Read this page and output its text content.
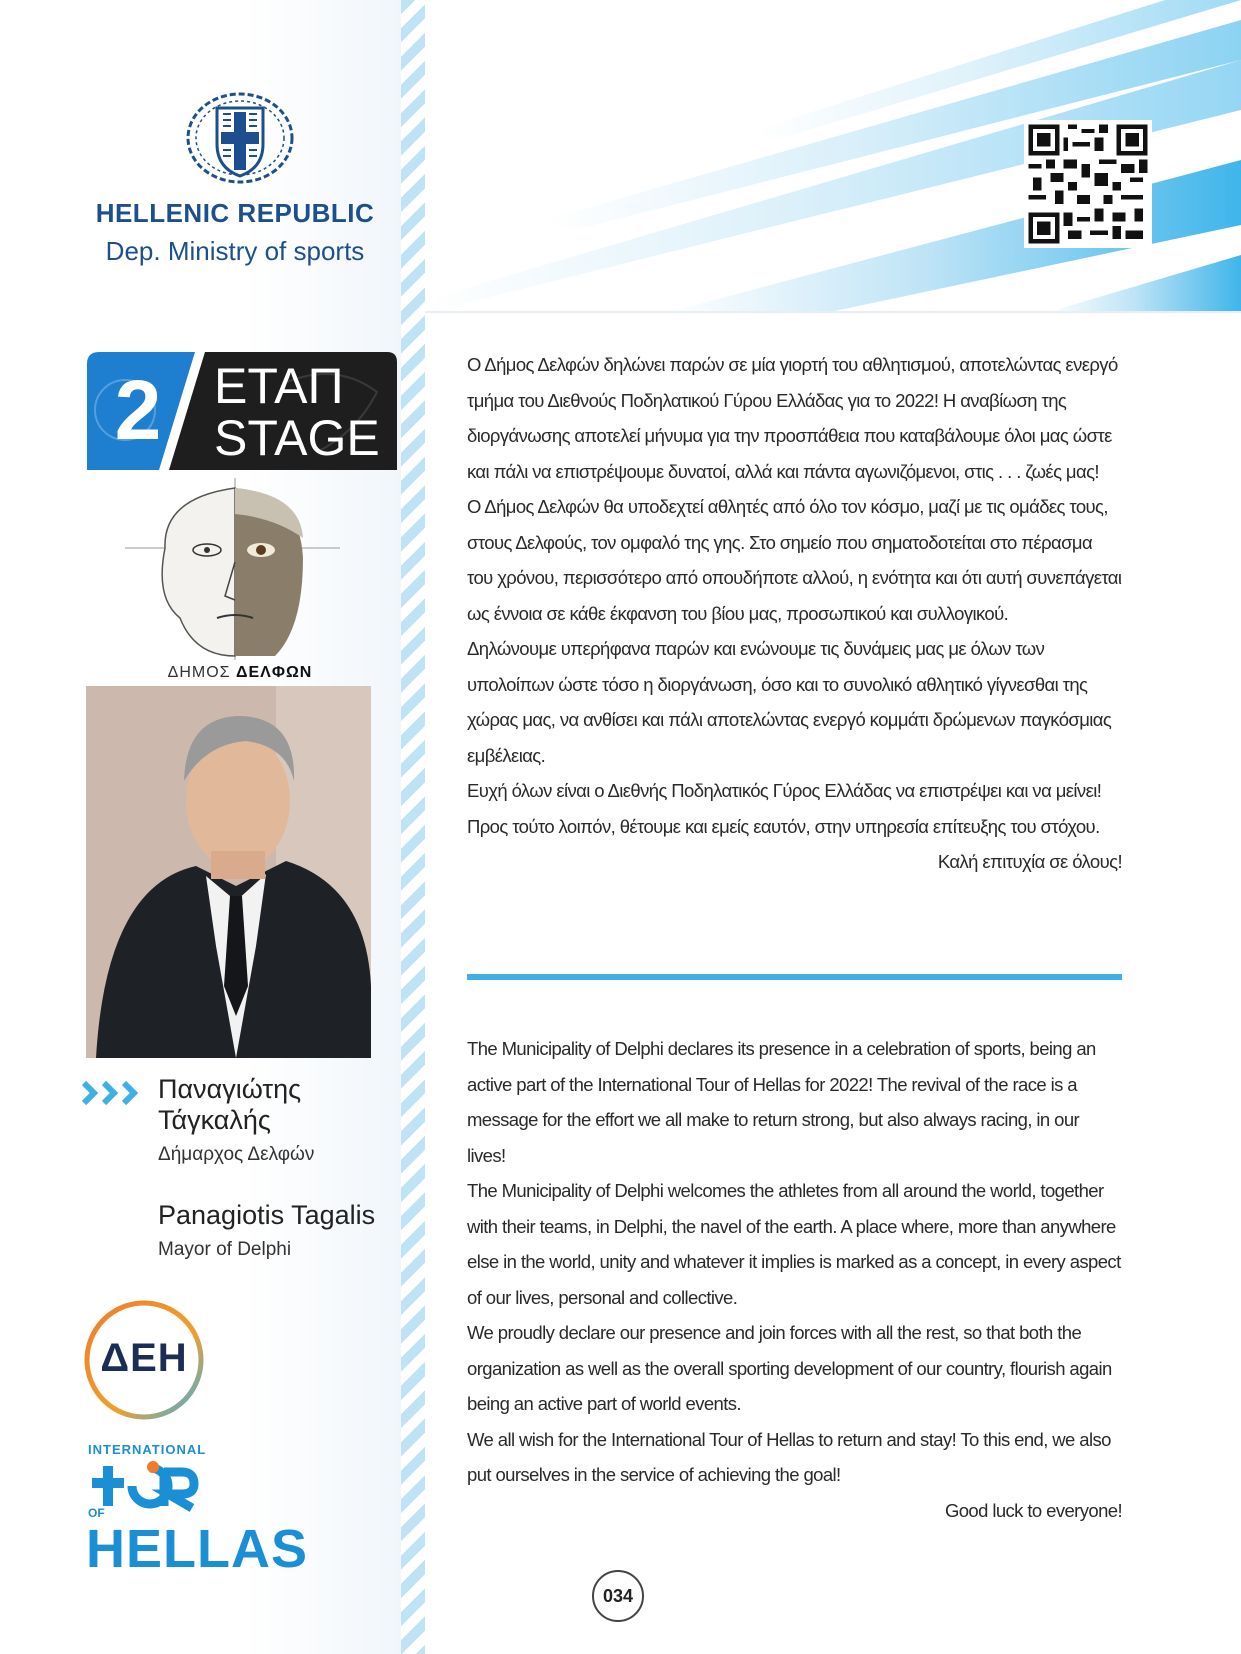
HELLENIC REPUBLIC
Dep. Ministry of sports
2	ΕΤΑΠ
STAGE
ΔΗΜΟΣ ΔΕΛΦΩΝ
Παναγιώτης
Τάγκαλής
Δήμαρχος Δελφών
Panagiotis Tagalis
Mayor of Delphi
ΔΕΗ
INTERNATIONAL
OF
HELLAS

Ο Δήμος Δελφών δηλώνει παρών σε μία γιορτή του αθλητισμού, αποτελώντας ενεργό τμήμα του Διεθνούς Ποδηλατικού Γύρου Ελλάδας για το 2022! Η αναβίωση της διοργάνωσης αποτελεί μήνυμα για την προσπάθεια που καταβάλουμε όλοι μας ώστε και πάλι να επιστρέψουμε δυνατοί, αλλά και πάντα αγωνιζόμενοι, στις . . . ζωές μας!

Ο Δήμος Δελφών θα υποδεχτεί αθλητές από όλο τον κόσμο, μαζί με τις ομάδες τους, στους Δελφούς, τον ομφαλό της γης. Στο σημείο που σηματοδοτείται στο πέρασμα του χρόνου, περισσότερο από οπουδήποτε αλλού, η ενότητα και ότι αυτή συνεπάγεται ως έννοια σε κάθε έκφανση του βίου μας, προσωπικού και συλλογικού.

Δηλώνουμε υπερήφανα παρών και ενώνουμε τις δυνάμεις μας με όλων των υπολοίπων ώστε τόσο η διοργάνωση, όσο και το συνολικό αθλητικό γίγνεσθαι της χώρας μας, να ανθίσει και πάλι αποτελώντας ενεργό κομμάτι δρώμενων παγκόσμιας εμβέλειας.

Ευχή όλων είναι ο Διεθνής Ποδηλατικός Γύρος Ελλάδας να επιστρέψει και να μείνει! Προς τούτο λοιπόν, θέτουμε και εμείς εαυτόν, στην υπηρεσία επίτευξης του στόχου.

Καλή επιτυχία σε όλους!

The Municipality of Delphi declares its presence in a celebration of sports, being an active part of the International Tour of Hellas for 2022! The revival of the race is a message for the effort we all make to return strong, but also always racing, in our lives!

The Municipality of Delphi welcomes the athletes from all around the world, together with their teams, in Delphi, the navel of the earth. A place where, more than anywhere else in the world, unity and whatever it implies is marked as a concept, in every aspect of our lives, personal and collective.

We proudly declare our presence and join forces with all the rest, so that both the organization as well as the overall sporting development of our country, flourish again being an active part of world events.

We all wish for the International Tour of Hellas to return and stay! To this end, we also put ourselves in the service of achieving the goal!

Good luck to everyone!

034
